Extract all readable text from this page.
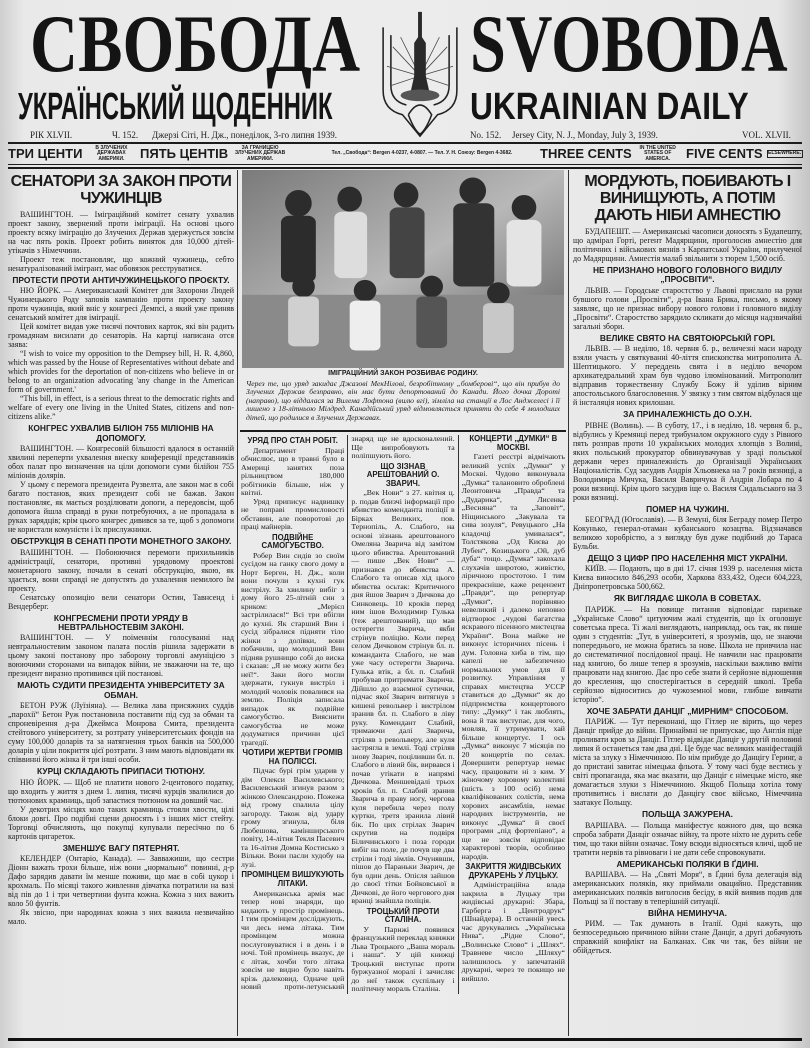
СВОБОДА SVOBODA
УКРАЇНСЬКИЙ ЩОДЕННИК	UKRAINIAN DAILY
РІК XLVII.	Ч. 152. Джерзі Сіті, Н. Дж., понеділок, 3-го липня 1939.	No. 152. Jersey City, N. J., Monday, July 3, 1939.	VOL. XLVII.
ТРИ ЦЕНТИ	В ЗЛУЧЕНИХ ДЕРЖАВАХ АМЕРИКИ.	ПЯТЬ ЦЕНТІВ	ЗА ГРАНИЦЕЮ ЗЛУЧЕНИХ ДЕРЖАВ АМЕРИКИ.
Тел. „Свобода“: Bergen 4-0237, 4-0807. — Тел. У. Н. Союзу: Bergen 4-3682.	THREE CENTS	IN THE UNITED STATES OF AMERICA.	FIVE CENTS ELSEWHERE.
СЕНАТОРИ ЗА ЗАКОН ПРОТИ ЧУЖИНЦІВ

ВАШИНГТОН. — Іміграційний комітет сенату ухвалив проект закону, звернений проти іміграції. На основі цього проекту всяку іміграцію до Злучених Держав здержується зовсім на час пять років. Проект робить виняток для 10,000 дітей-утікачів з Німеччини.

Проект теж постановляє, що кожний чужинець, себто ненатуралізований імігрант, має обовязок реєструватися.

ПРОТЕСТИ ПРОТИ АНТИЧУЖИНЕЦЬКОГО ПРОЄКТУ.

НЮ ЙОРК. — Американський Комітет для Захорони Людей Чужинецького Роду заповів кампанію проти проекту закону проти чужинців, який вніс у конгресі Демпсі, а який уже приняв сенатський комітет для іміграції.

Цей комітет видав уже тисячі почтових карток, які він радить громадянам висилати до сенаторів. На картці написана отся заява:

“I wish to voice my opposition to the Dempsey bill, H. R. 4,860, which was passed by the House of Representatives without debate and which provides for the deportation of non-citizens who believe in or belong to an organization advocating 'any change in the American form of government.'

“This bill, in effect, is a serious threat to the democratic rights and welfare of every one living in the United States, citizens and non-citizens alike.”

КОНГРЕС УХВАЛИВ БІЛІОН 755 МІЛІОНІВ НА ДОПОМОГУ.

ВАШИНГТОН. — Конгресовій більшості вдалося в останній хвилині переперти ухвалення внеску конференції представників обох палат про визначення на ціли допомоги суми білійон 755 міліонів долярів.

У цьому є перемога президента Рузвелта, але закон має в собі багато постанов, яких президент собі не бажав. Закон постановляє, як мається розділювати допоги, а передовсім, щоб допомога йшла справді в руки потребуючих, а не пропадала в руках зарядців; крім цього конгрес дивився за те, щоб з допомоги не користали комуністи і їх прислужники.

ОБСТРУКЦІЯ В СЕНАТІ ПРОТИ МОНЕТНОГО ЗАКОНУ.

ВАШИНГТОН. — Побоюючися перемоги прихильників адміністрації, сенатори, противні урядовому проектові монетарного закону, почали в сенаті обструкцію, якою, як здається, вони справді не допустять до ухвалення немилого їм проекту.

Сенатську опозицію вели сенатори Остин, Тавнсенд і Вендерберг.

КОНГРЕСМЕНИ ПРОТИ УРЯДУ В НЕВТРАЛЬНОСТЕВІМ ЗАКОНІ.

ВАШИНГТОН. — У поіменнім голосуванні над невтральностевим законом палата послів рішила задержати в цьому законі постанову про заборону торговлі амуніцією з воюючими сторонами на випадок війни, не зважаючи на те, що президент виразно противився цій постанові.

МАЮТЬ СУДИТИ ПРЕЗИДЕНТА УНІВЕРСИТЕТУ ЗА ОБМАН.

БЕТОН РУЖ (Луїзіяна). — Велика лава присяжних суддів „парохії“ Бетон Руж постановила поставити під суд за обман та спроневірення д-ра Джеймса Монрова Смита, президента стейтового університету, за розтрату університетських фондів на суму 100,000 доларів та за натягнення трьох банків на 500,000 доларів у ціли покриття цієї розтрати. З ним мають відповідати як співвинні його жінка й три інші особи.

КУРЦІ СКЛАДАЮТЬ ПРИПАСИ ТЮТЮНУ.

НЮ ЙОРК. — Щоб не платити нового 2-центового податку, що входить у життя з днем 1. липня, тисячі курців звалилися до тютюнових крамниць, щоб запастися тютюном на довший час.

У декотрих місцях коло таких крамниць стояли хвости, цілі блоки довгі. Про подібні сцени доносять і з інших міст стейту. Торговці обчисляють, що покупці купували пересічно по 6 картонів цигареток.

ЗМЕНШУЄ ВАГУ ПЯТЕРНЯТ.

КЕЛЕНДЕР (Онтаріо, Канада). — Завважиши, що сестри Діонн важать трохи більше, ніж вони „нормально“ повинні, д-р Дафо зарядив давати їм менше поживи, що має в собі цукор і крохмаль. По місяці такого живлення дівчатка потратили на вазі від пів до 1 і три четвертини фунта кожна. Кожна з них важить коло 50 фунтів.

Як звісно, при народинах кожна з них важила незвичайно мало.

ІМІГРАЦІЙНИЙ ЗАКОН РОЗБИВАЄ РОДИНУ.
Через те, що уряд закидає Джазові МекНілові, безробітному „бомберові“, що він прибув до Злучених Держав безправно, він має бути депортований до Канади. Його дочка Дороті (направо), що віддалася за Вилема Лофтона (вилю вгі), зімліла на станції в Лос Анджелесі і її лишено з 18-літньою Мілдред. Канадійський уряд відмовляється приняти до себе 4 молодших дітей, що родилися в Злучених Державах.
УРЯД ПРО СТАН РОБІТ.

Департамент Праці обчислює, що в травні було в Америці занятих поза рільництвом 180,000 робітників більше, ніж у квітні.

Уряд приписує надвишку не поправі промисловості обставин, але поворотові до праці майнерів.

ПОДВІЙНЕ САМОГУБСТВО.

Робер Вин сидів зо своїм сусідом на ганку свого дому в Норт Берген, Н. Дж., коли вони почули з кухні гук вистрілу. За хвилину вибіг з дому його 25-літній син з криком: „Мерієл застрілилася!“ Всі три вбігли до кухні. Як старший Вин і сусід зібралися підняти тіло жінки з долівки, вони побачили, що молодший Вин підняв рушницю собі до виска і сказав: „Я не можу жити без неї!“. Заки його могли здержати, гукнув вистріл і молодий чоловік повалився на землю. Поліція записала випадок як подвійне самогубство. Вияснити самогубства не може додуматися причини цієї трагедії.

ЧОТИРИ ЖЕРТВИ ГРОМІВ НА ПОЛІССІ.

Підчас бурі грім ударив у дім Олекси Василевського; Василевський згинув разом з жінкою Олександрою. Пожежа від грому спалила цілу загороду. Також від удару грому згинула, біля Любешова, камінширського повіту, 14-літня Текля Пасевич та 16-літня Домна Костисько з Вільки. Вони пасли худобу на лузі.

ПРОМІНЦЕМ ВИШУКУЮТЬ ЛІТАКИ.

Американська армія має тепер нові знаряди, що кидають у простір промінець. І тим промінцем досліджують, чи десь нема літака. Тим промінцем можна послуговуватися і в день і в ночі. Той промінець вказує, де є літак, хочби того літака зовсім не видно було навіть крізь далековид. Одначе цей новий проти-летунський знаряд ще не вдосконалений. Ще випробовують та поліпшують його.

ЩО ЗІЗНАВ АРЕШТОВАНИЙ О. ЗВАРИЧ.

„Bек Нови“ з 27. квітня ц. р. подав близчі інформації про вбивство коменданта поліції в Бірках Великих, пов. Тернопіль, А. Слабого, на основі зізнань арештованого Омеляна Зварича від замітом цього вбивства. Арештований — пише „Bек Нови“ — признався до вбивства А. Слабого та описав хід цього вбивства осьтак: Критичного дня йшов Зварич з Дичкова до Синковець. 10 кроків перед ним ішов Володимир Гулька (теж арештований), що мав остерегти Зварича, якби стрінув поліцію. Коли перед селом Дичковом стрінув бл. п. команданта Слабого, не мав уже часу остерегти Зварича. Гулька втік, а бл. п. Слабий пробував притримати Зварича. Дійшло до взаємної сутички, підчас якої Зварич витягнув з кишені револьвер і вистрілом зранив бл. п. Слабого в ліву руку. Комендант Слабий, тримаючи далі Зварича, стріляв з револьверу, але куля застрягла в землі. Тоді стріляв знову Зварич, поціливши бл. п. Слабого в лівий бік, вирвався і почав утікати в напрямі Дичкова. Меншевідалі трьох кроків бл. п. Слабий зранив Зварича в праву ногу, чергова куля перебила через полу куртки, третя зранила лівий бік. По цих стрілах Зварич скрутив на подвіря Біличинського і поза городи вибіг на поле, де почув ще два стріли і тоді зімлів. Очунявши, пішов до Параньки Зварич, де був один день. Опісля зайшов до своєї тітки Бойковської в Дичкові, де його чергового дня вранці знайшла поліція.

ТРОЦЬКИЙ ПРОТИ СТАЛІНА.

У Парижі появився французький переклад книжки Льва Троцького „Ваша мораль і наша“. У цій книжці Троцький виступає проти буржуазної моралі і зачисляє до неї також суспільну і політичну мораль Сталіна.

КОНЦЕРТИ „ДУМКИ“ В МОСКВІ.

Газеті реєстрі відмічають великий успіх „Думки“ у Москві. Чудово виконувала „Думка“ талановито оброблені Леонтовича „Правда“ та „Дударика“, Лисенка „Весняна“ та „Заповіт“, Ніщинського „Закувала та сива зозуля“, Ревуцького „На кладочці умивалася“, Толстякова „Од Києва до Лубен“, Козицького „Ой, дуб дуба“ тощо. „Думка“ закохала слухачів широтою, живістю, ліричною простотою. І тим прекрасніше, каже рецензент „Правди“, що репертуар „Думки“, порівняно невеликий і далеко неповно відтворює „чудові багатства яскравого пісенного мистецтва України“. Вона майже не виконує історичних пісень і дум. Головна хиба в тім, що капелі не забезпечено нормальних умов для її розвитку. Управління у справах мистецтва УССР ставиться до „Думки“ як до підприємства концертового типу: „Думку“ і так люблять, вона й так виступає, для чого, мовляв, її утримувати, хай більше концертує. І ось „Думка“ виконує 7 місяців по 20 концертів по селах. Довершити репертуар немає часу, працювати ні з ким. У жіночому хоровому колективі (шість з 100 осіб) нема кваліфікованих солістів, нема хорових ансамблів, немає народних інструментів, не виконує „Думка“ й своєї програми „під фортепіано“, а ще не зовсім відповідає характерові творів, особливо народів.

ЗАКРИТТЯ ЖИДІВСЬКИХ ДРУКАРЕНЬ У ЛУЦЬКУ.

Адміністраційна влада закрила в Луцьку три жидівські друкарні: Збара, Гарберга і „Центродрук“ (Шнайдера). В останній увесь час друкувались „Українська Нива“, „Рідне Слово“, „Волинське Слово“ і „Шлях“. Травневе число „Шляху“ залишилось у запечатаній друкарні, через те покищо не вийшло.

МОРДУЮТЬ, ПОБИВАЮТЬ І ВИНИЩУЮТЬ, А ПОТІМ ДАЮТЬ НІБИ АМНЕСТІЮ

БУДАПЕШТ. — Американські часописи доносять з Будапешту, що адмірал Горті, регент Мадярщини, проголосив амнестію для політичних і військових вязнів з Карпатської України, прилученої до Мадярщини. Амнестія малаб звільнити з тюрем 1,500 осіб.

НЕ ПРИЗНАНО НОВОГО ГОЛОВНОГО ВИДІЛУ „ПРОСВІТИ“.

ЛЬВІВ. — Городське старостство у Львові прислало на руки бувшого голови „Просвіти“, д-ра Івана Брика, письмо, в якому заявляє, що не признає вибору нового голови і головного виділу „Просвіти“. Старостство зарядило скликати до місяця надзвичайні загальні збори.

ВЕЛИКЕ СВЯТО НА СВЯТОЮРСЬКІЙ ГОРІ.

ЛЬВІВ. — В неділю, 18. червня б. р., величезні маси народу взяли участь у святкуванні 40-ліття єпископства митрополита А. Шептицького. У переддень свята і в неділю вечором архикатедральний храм був чудово ілюмінований. Митрополит відправив торжественну Службу Божу й уділив вірним апостольського благословення. У звязку з тим святом відбулася ще й інсталяція нових крилошан.

ЗА ПРИНАЛЕЖНІСТЬ ДО О.У.Н.

РІВНЕ (Волинь). — В суботу, 17., і в неділю, 18. червня б. р., відбулись у Кремянці перед трибуналом окружного суду з Рівного пять розправ проти 10 українських молодих хлопців з Волині, яких польський прокуратор обвинувачував у зраді польської держави через приналежність до Організації Українських Націоналістів. Суд засудив Андрія Хльовнека на 7 років вязниці, а Володимира Мичука, Василя Вавричука й Андрія Лобара по 4 роки вязниці. Крім цього засудив іще о. Василя Сидальського на 3 роки вязниці.

ПОМЕР НА ЧУЖИНІ.

БЕОГРАД (Югославія). — В Земуні, біля Беграду помер Петро Кокунько, генерал-отаман кубанського козацтва. Відзначався великою хоробрістю, а з вигляду був дуже подібний до Тараса Бульби.

ДЕЩО З ЦИФР ПРО НАСЕЛЕННЯ МІСТ УКРАЇНИ.

КИЇВ. — Подають, що в дні 17. січня 1939 р. населення міста Києва виносило 846,293 особи, Харкова 833,432, Одеси 604,223, Дніпропетровська 500,662.

ЯК ВИГЛЯДАЄ ШКОЛА В СОВЕТАХ.

ПАРИЖ. — На повище питання відповідає паризьке „Українське Слово“ цитуючим жалі студентів, що їх оголошує советська преса. Ті жалі виглядають, наприклад, ось так, як пише один з студентів: „Тут, в університеті, я зрозумів, що, не знаючи попереднього, не можна братись за нове. Школа не привчила нас до систематичної послідовної праці. Не навчили нас працювати над книгою, бо лише тепер я зрозумів, наскільки важливо вміти працювати над книгою. Дає про себе знати й серйозне відношення до креслення, що спостерігається в середній школі. Треба серйозно відноситись до чужоземної мови, глибше вивчати історію“.

ХОЧЕ ЗАБРАТИ ДАНЦІГ „МИРНИМ“ СПОСОБОМ.

ПАРИЖ. — Тут переконані, що Гітлер не вірить, що через Данціг прийде до війни. Принаймні не припускає, що Англія піде проливати кров за Данціг. Гітлер відвідає Данціг у другій половині липня й останеться там два дні. Це буде час великих маніфестацій міста за злуку з Німеччиною. По нім прибуде до Данцігу Геринг, а до пристані завитає німецька фльота. У тому часі буде вестись у світі пропаганда, яка має вказати, що Данціг є німецьке місто, яке домагається злуки з Німеччиною. Якщоб Польща хотіла тому противитись і вислати до Данцігу своє військо, Німеччина заатакує Польщу.

ПОЛЬЩА ЗАЖУРЕНА.

ВАРШАВА. — Польща маніфестує кожного дня, що всяка спроба забрати Данціг означає війну, та проте ніхто не дурить себе тим, що таки війни означає. Тому всюди відносяться кличі, щоб не тратити нервів та рівноваги і не дати себе спровокувати.

АМЕРИКАНСЬКІ ПОЛЯКИ В ҐДИНІ.

ВАРШАВА. — На „Святі Моря“, в Ґдині була делегація від американських поляків, яку приймали овацийно. Представник американських поляків виголосив бесіду, в якій виявив подив для Польщі за її поставу в теперішній ситуації.

ВІЙНА НЕМИНУЧА.

РИМ. — Так думають в Італії. Одні кажуть, що безпосередньою причиною війни стане Данціг, а другі добачують справжній конфлікт на Балканах. Сяк чи так, без війни не обійдеться.
